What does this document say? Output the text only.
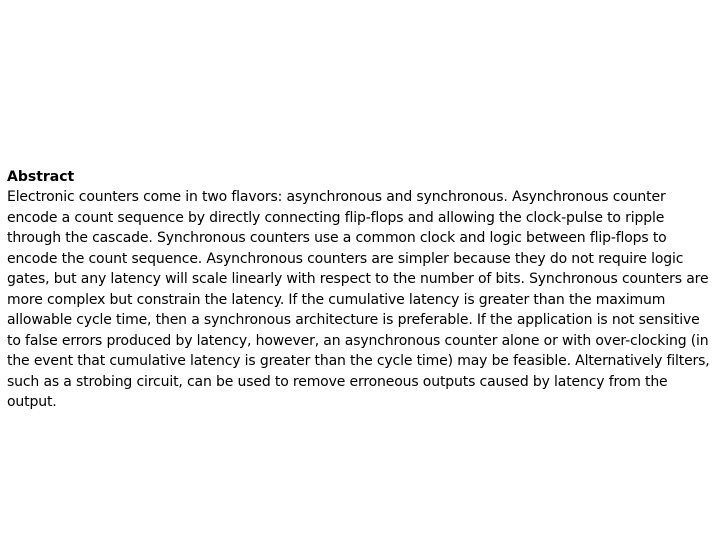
Abstract

Electronic counters come in two flavors: asynchronous and synchronous. Asynchronous counter encode a count sequence by directly connecting flip-flops and allowing the clock-pulse to ripple through the cascade. Synchronous counters use a common clock and logic between flip-flops to encode the count sequence. Asynchronous counters are simpler because they do not require logic gates, but any latency will scale linearly with respect to the number of bits. Synchronous counters are more complex but constrain the latency. If the cumulative latency is greater than the maximum allowable cycle time, then a synchronous architecture is preferable. If the application is not sensitive to false errors produced by latency, however, an asynchronous counter alone or with over-clocking (in the event that cumulative latency is greater than the cycle time) may be feasible. Alternatively filters, such as a strobing circuit, can be used to remove erroneous outputs caused by latency from the output.
